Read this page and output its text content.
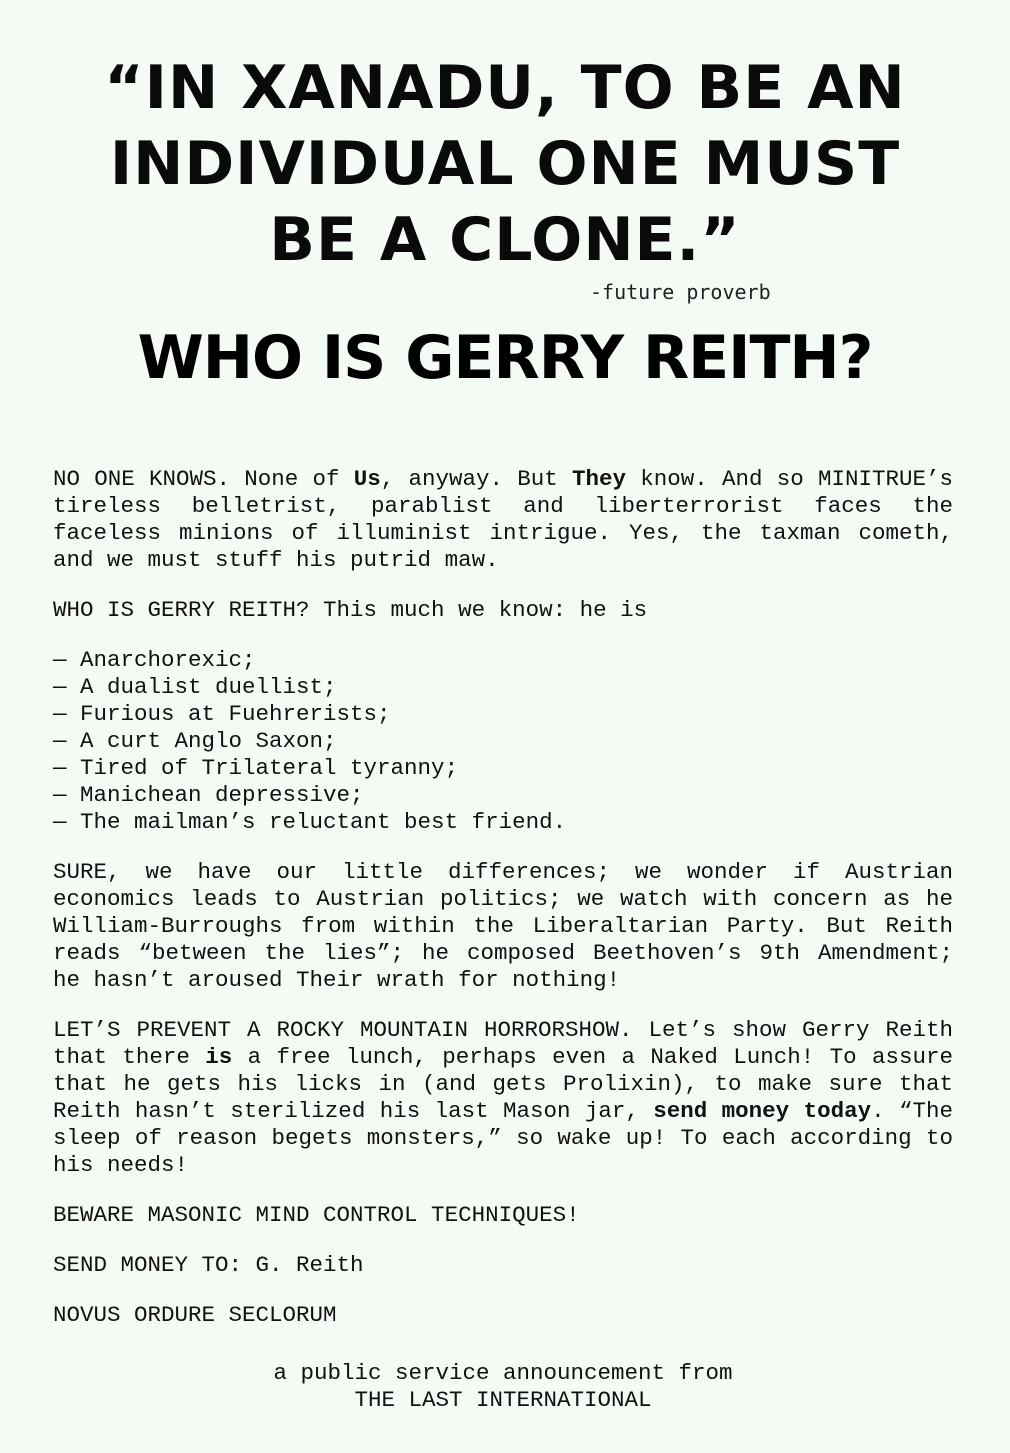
“IN XANADU, TO BE AN
INDIVIDUAL ONE MUST
BE A CLONE.”

-future proverb

WHO IS GERRY REITH?

NO ONE KNOWS. None of Us, anyway. But They know. And so MINITRUE’s tireless belletrist, parablist and liberterrorist faces the faceless minions of illuminist intrigue. Yes, the taxman cometh, and we must stuff his putrid maw.

WHO IS GERRY REITH? This much we know: he is

— Anarchorexic;
— A dualist duellist;
— Furious at Fuehrerists;
— A curt Anglo Saxon;
— Tired of Trilateral tyranny;
— Manichean depressive;
— The mailman’s reluctant best friend.

SURE, we have our little differences; we wonder if Austrian economics leads to Austrian politics; we watch with concern as he William-Burroughs from within the Liberaltarian Party. But Reith reads “between the lies”; he composed Beethoven’s 9th Amendment; he hasn’t aroused Their wrath for nothing!

LET’S PREVENT A ROCKY MOUNTAIN HORRORSHOW. Let’s show Gerry Reith that there is a free lunch, perhaps even a Naked Lunch! To assure that he gets his licks in (and gets Prolixin), to make sure that Reith hasn’t sterilized his last Mason jar, send money today. “The sleep of reason begets monsters,” so wake up! To each according to his needs!

BEWARE MASONIC MIND CONTROL TECHNIQUES!

SEND MONEY TO: G. Reith

NOVUS ORDURE SECLORUM

a public service announcement from
THE LAST INTERNATIONAL
